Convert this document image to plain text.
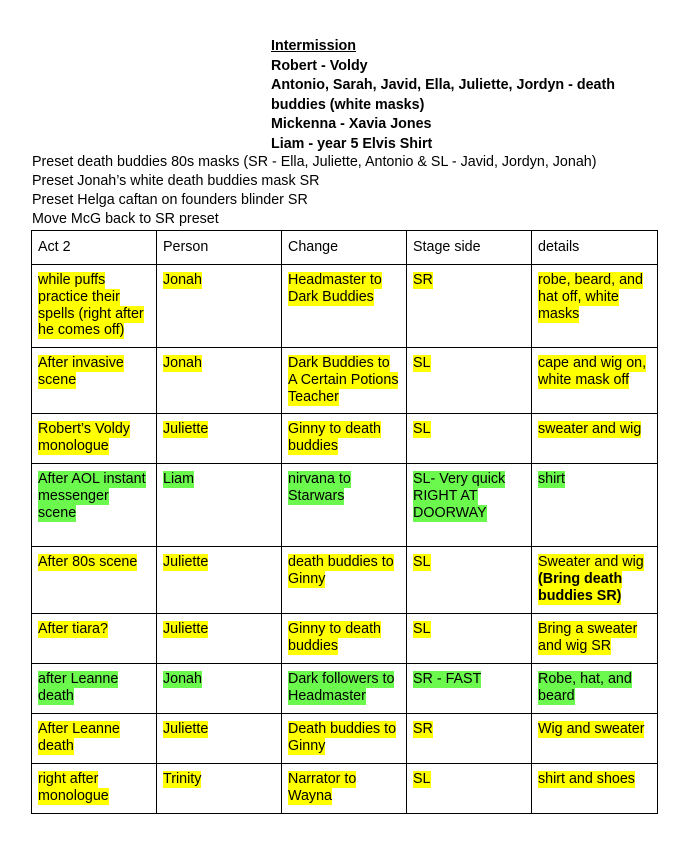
Intermission
Robert - Voldy
Antonio, Sarah, Javid, Ella, Juliette, Jordyn - death buddies (white masks)
Mickenna - Xavia Jones
Liam - year 5 Elvis Shirt
Preset death buddies 80s masks (SR - Ella, Juliette, Antonio & SL - Javid, Jordyn, Jonah)
Preset Jonah’s white death buddies mask SR
Preset Helga caftan on founders blinder SR
Move McG back to SR preset
Act 2	Person	Change	Stage side	details
while puffs practice their spells (right after he comes off)	Jonah	Headmaster to Dark Buddies	SR	robe, beard, and hat off, white masks
After invasive scene	Jonah	Dark Buddies to A Certain Potions Teacher	SL	cape and wig on, white mask off
Robert’s Voldy monologue	Juliette	Ginny to death buddies	SL	sweater and wig
After AOL instant messenger scene	Liam	nirvana to Starwars	SL- Very quick RIGHT AT DOORWAY	shirt
After 80s scene	Juliette	death buddies to Ginny	SL	Sweater and wig (Bring death buddies SR)
After tiara?	Juliette	Ginny to death buddies	SL	Bring a sweater and wig SR
after Leanne death	Jonah	Dark followers to Headmaster	SR - FAST	Robe, hat, and beard
After Leanne death	Juliette	Death buddies to Ginny	SR	Wig and sweater
right after monologue	Trinity	Narrator to Wayna	SL	shirt and shoes
